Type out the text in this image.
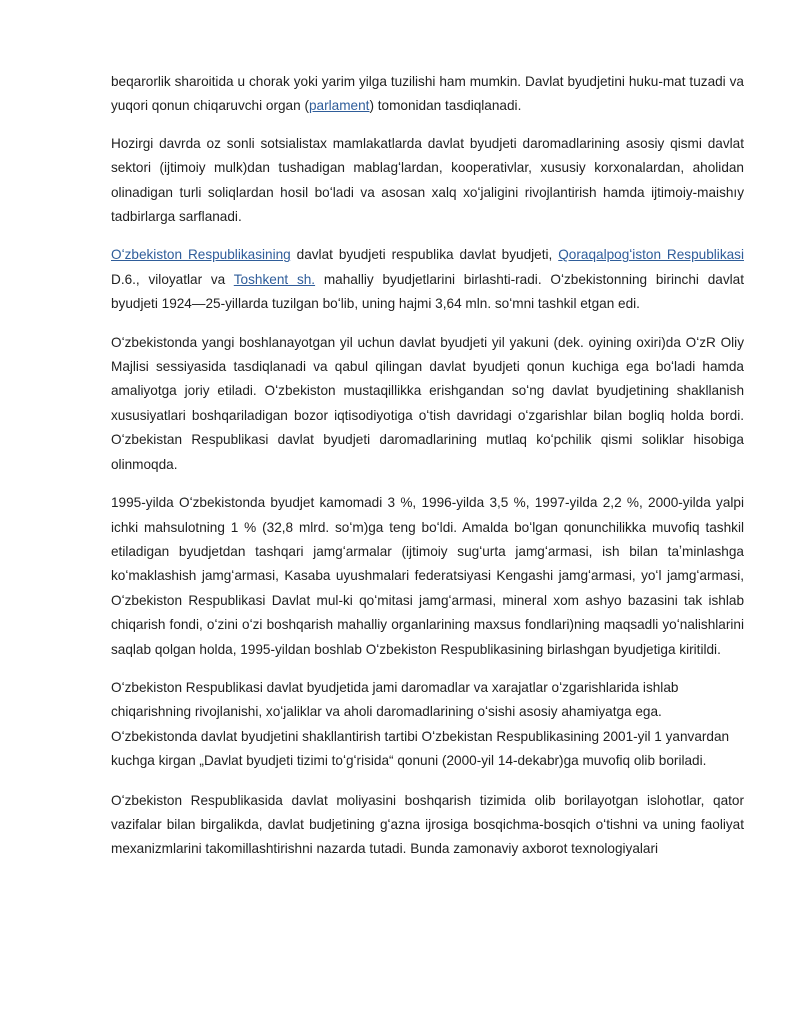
beqarorlik sharoitida u chorak yoki yarim yilga tuzilishi ham mumkin. Davlat byudjetini huku-mat tuzadi va yuqori qonun chiqaruvchi organ (parlament) tomonidan tasdiqlanadi.

Hozirgi davrda oz sonli sotsialistax mamlakatlarda davlat byudjeti daromadlarining asosiy qismi davlat sektori (ijtimoiy mulk)dan tushadigan mablagʻlardan, kooperativlar, xususiy korxonalardan, aholidan olinadigan turli soliqlardan hosil boʻladi va asosan xalq xoʻjaligini rivojlantirish hamda ijtimoiy-maishıy tadbirlarga sarflanadi.

Oʻzbekiston Respublikasining davlat byudjeti respublika davlat byudjeti, Qoraqalpogʻiston Respublikasi D.6., viloyatlar va Toshkent sh. mahalliy byudjetlarini birlashti-radi. Oʻzbekistonning birinchi davlat byudjeti 1924—25-yillarda tuzilgan boʻlib, uning hajmi 3,64 mln. soʻmni tashkil etgan edi.

Oʻzbekistonda yangi boshlanayotgan yil uchun davlat byudjeti yil yakuni (dek. oyining oxiri)da OʻzR Oliy Majlisi sessiyasida tasdiqlanadi va qabul qilingan davlat byudjeti qonun kuchiga ega boʻladi hamda amaliyotga joriy etiladi. Oʻzbekiston mustaqillikka erishgandan soʻng davlat byudjetining shakllanish xususiyatlari boshqariladigan bozor iqtisodiyotiga oʻtish davridagi oʻzgarishlar bilan bogliq holda bordi. Oʻzbekistan Respublikasi davlat byudjeti daromadlarining mutlaq koʻpchilik qismi soliklar hisobiga olinmoqda.

1995-yilda Oʻzbekistonda byudjet kamomadi 3 %, 1996-yilda 3,5 %, 1997-yilda 2,2 %, 2000-yilda yalpi ichki mahsulotning 1 % (32,8 mlrd. soʻm)ga teng boʻldi. Amalda boʻlgan qonunchilikka muvofiq tashkil etiladigan byudjetdan tashqari jamgʻarmalar (ijtimoiy sugʻurta jamgʻarmasi, ish bilan taʼminlashga koʻmaklashish jamgʻarmasi, Kasaba uyushmalari federatsiyasi Kengashi jamgʻarmasi, yoʻl jamgʻarmasi, Oʻzbekiston Respublikasi Davlat mul-ki qoʻmitasi jamgʻarmasi, mineral xom ashyo bazasini tak ishlab chiqarish fondi, oʻzini oʻzi boshqarish mahalliy organlarining maxsus fondlari)ning maqsadli yoʻnalishlarini saqlab qolgan holda, 1995-yildan boshlab Oʻzbekiston Respublikasining birlashgan byudjetiga kiritildi.

Oʻzbekiston Respublikasi davlat byudjetida jami daromadlar va xarajatlar oʻzgarishlarida ishlab chiqarishning rivojlanishi, xoʻjaliklar va aholi daromadlarining oʻsishi asosiy ahamiyatga ega. Oʻzbekistonda davlat byudjetini shakllantirish tartibi Oʻzbekistan Respublikasining 2001-yil 1 yanvardan kuchga kirgan „Davlat byudjeti tizimi toʻgʻrisida“ qonuni (2000-yil 14-dekabr)ga muvofiq olib boriladi.

Oʻzbekiston Respublikasida davlat moliyasini boshqarish tizimida olib borilayotgan islohotlar, qator vazifalar bilan birgalikda, davlat budjetining gʻazna ijrosiga bosqichma-bosqich oʻtishni va uning faoliyat mexanizmlarini takomillashtirishni nazarda tutadi. Bunda zamonaviy axborot texnologiyalari
